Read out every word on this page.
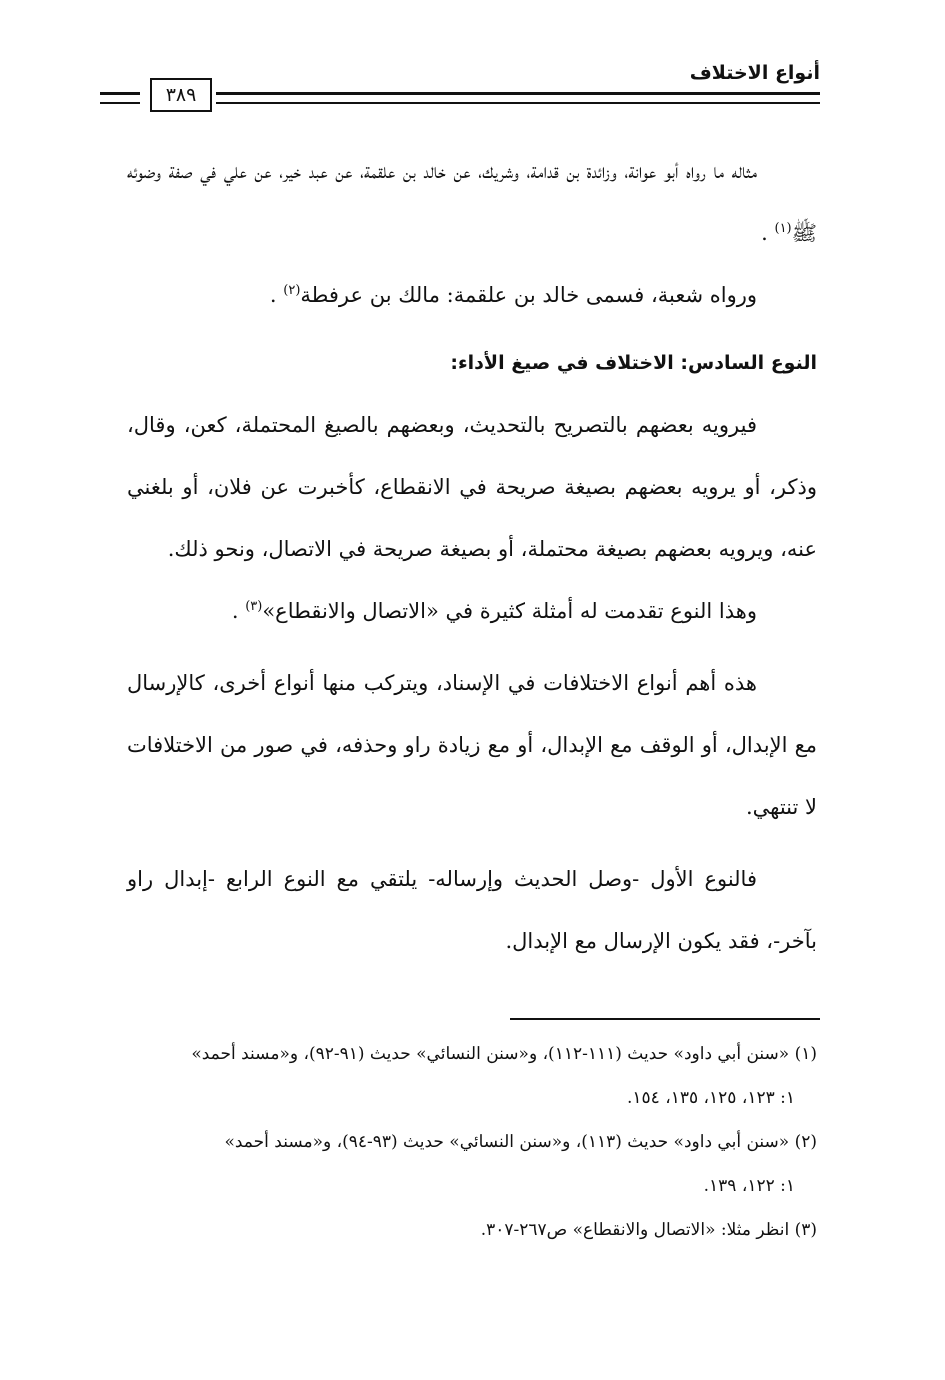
أنواع الاختلاف
٣٨٩

مثاله ما رواه أبو عوانة، وزائدة بن قدامة، وشريك، عن خالد بن علقمة، عن عبد خير، عن علي في صفة وضوئه ﷺ$^{(١)}$ .

ورواه شعبة، فسمى خالد بن علقمة: مالك بن عرفطة$^{(٢)}$ .

النوع السادس: الاختلاف في صيغ الأداء:

فيرويه بعضهم بالتصريح بالتحديث، وبعضهم بالصيغ المحتملة، كعن، وقال، وذكر، أو يرويه بعضهم بصيغة صريحة في الانقطاع، كأخبرت عن فلان، أو بلغني عنه، ويرويه بعضهم بصيغة محتملة، أو بصيغة صريحة في الاتصال، ونحو ذلك.

وهذا النوع تقدمت له أمثلة كثيرة في «الاتصال والانقطاع»$^{(٣)}$ .

هذه أهم أنواع الاختلافات في الإسناد، ويتركب منها أنواع أخرى، كالإرسال مع الإبدال، أو الوقف مع الإبدال، أو مع زيادة راو وحذفه، في صور من الاختلافات لا تنتهي.

فالنوع الأول -وصل الحديث وإرساله- يلتقي مع النوع الرابع -إبدال راو بآخر-، فقد يكون الإرسال مع الإبدال.

(١) «سنن أبي داود» حديث (١١١-١١٢)، و«سنن النسائي» حديث (٩١-٩٢)، و«مسند أحمد»
١: ١٢٣، ١٢٥، ١٣٥، ١٥٤.

(٢) «سنن أبي داود» حديث (١١٣)، و«سنن النسائي» حديث (٩٣-٩٤)، و«مسند أحمد»
١: ١٢٢، ١٣٩.

(٣) انظر مثلا: «الاتصال والانقطاع» ص٢٦٧-٣٠٧.
